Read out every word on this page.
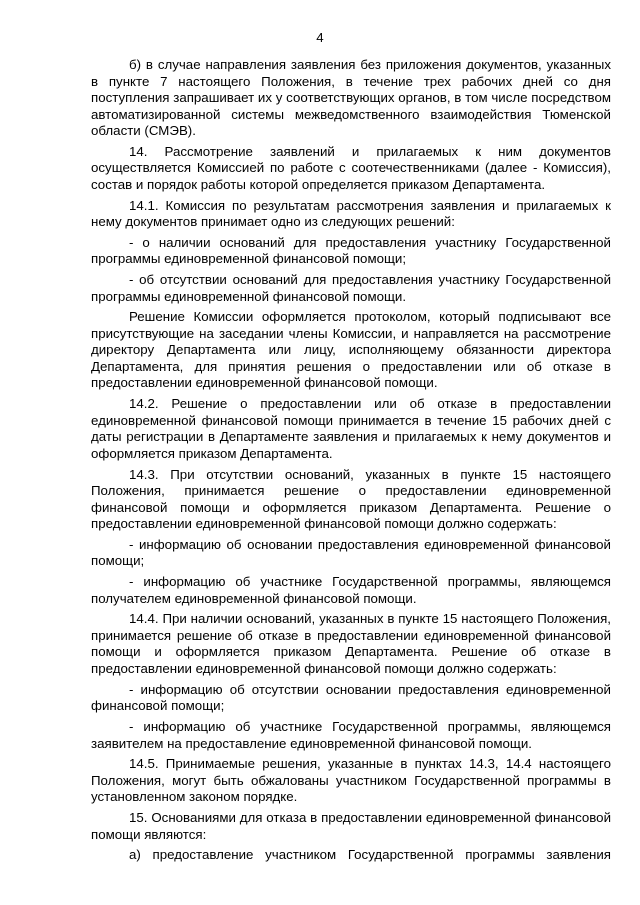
4

б) в случае направления заявления без приложения документов, указанных в пункте 7 настоящего Положения, в течение трех рабочих дней со дня поступления запрашивает их у соответствующих органов, в том числе посредством автоматизированной системы межведомственного взаимодействия Тюменской области (СМЭВ).

14. Рассмотрение заявлений и прилагаемых к ним документов осуществляется Комиссией по работе с соотечественниками (далее - Комиссия), состав и порядок работы которой определяется приказом Департамента.

14.1. Комиссия по результатам рассмотрения заявления и прилагаемых к нему документов принимает одно из следующих решений:

- о наличии оснований для предоставления участнику Государственной программы единовременной финансовой помощи;

- об отсутствии оснований для предоставления участнику Государственной программы единовременной финансовой помощи.

Решение Комиссии оформляется протоколом, который подписывают все присутствующие на заседании члены Комиссии, и направляется на рассмотрение директору Департамента или лицу, исполняющему обязанности директора Департамента, для принятия решения о предоставлении или об отказе в предоставлении единовременной финансовой помощи.

14.2. Решение о предоставлении или об отказе в предоставлении единовременной финансовой помощи принимается в течение 15 рабочих дней с даты регистрации в Департаменте заявления и прилагаемых к нему документов и оформляется приказом Департамента.

14.3. При отсутствии оснований, указанных в пункте 15 настоящего Положения, принимается решение о предоставлении единовременной финансовой помощи и оформляется приказом Департамента. Решение о предоставлении единовременной финансовой помощи должно содержать:

- информацию об основании предоставления единовременной финансовой помощи;

- информацию об участнике Государственной программы, являющемся получателем единовременной финансовой помощи.

14.4. При наличии оснований, указанных в пункте 15 настоящего Положения, принимается решение об отказе в предоставлении единовременной финансовой помощи и оформляется приказом Департамента. Решение об отказе в предоставлении единовременной финансовой помощи должно содержать:

- информацию об отсутствии основании предоставления единовременной финансовой помощи;

- информацию об участнике Государственной программы, являющемся заявителем на предоставление единовременной финансовой помощи.

14.5. Принимаемые решения, указанные в пунктах 14.3, 14.4 настоящего Положения, могут быть обжалованы участником Государственной программы в установленном законом порядке.

15. Основаниями для отказа в предоставлении единовременной финансовой помощи являются:

а) предоставление участником Государственной программы заявления
